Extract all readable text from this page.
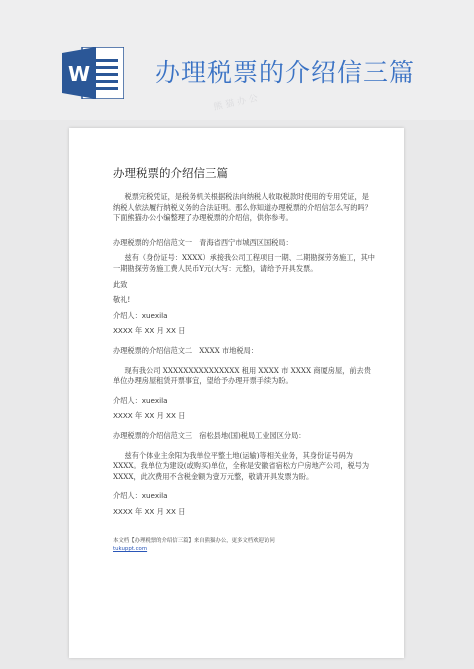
W	办理税票的介绍信三篇
熊猫办公
办理税票的介绍信三篇

税票完税凭证，是税务机关根据税法向纳税人收取税款时使用的专用凭证，是纳税人依法履行纳税义务的合法证明。那么你知道办理税票的介绍信怎么写的吗？下面熊猫办公小编整理了办理税票的介绍信，供你参考。

办理税票的介绍信范文一　青海省西宁市城西区国税局：

兹有（身份证号：XXXX）承接我公司工程项目一期、二期勘探劳务施工，其中一期勘探劳务施工费人民币Y元(大写：元整)，请给予开具发票。

此致

敬礼!

介绍人：xuexila

XXXX 年 XX 月 XX 日

办理税票的介绍信范文二　XXXX 市地税局：

现有我公司 XXXXXXXXXXXXXXX 租用 XXXX 市 XXXX 商厦房屋，前去贵单位办理房屋租赁开票事宜，望给予办理开票手续为盼。

介绍人：xuexila

XXXX 年 XX 月 XX 日

办理税票的介绍信范文三　宿松县地(国)税局工业园区分局：

兹有个体业主余阳为我单位平整土地(运输)等相关业务，其身份证号码为 XXXX。我单位为建设(或购买)单位，全称是安徽省宿松方户房地产公司，税号为 XXXX，此次费用不含税金额为壹万元整，敬请开具发票为盼。

介绍人：xuexila

XXXX 年 XX 月 XX 日

本文档【办理税票的介绍信三篇】来自熊猫办公，更多文档欢迎访问
tukuppt.com
